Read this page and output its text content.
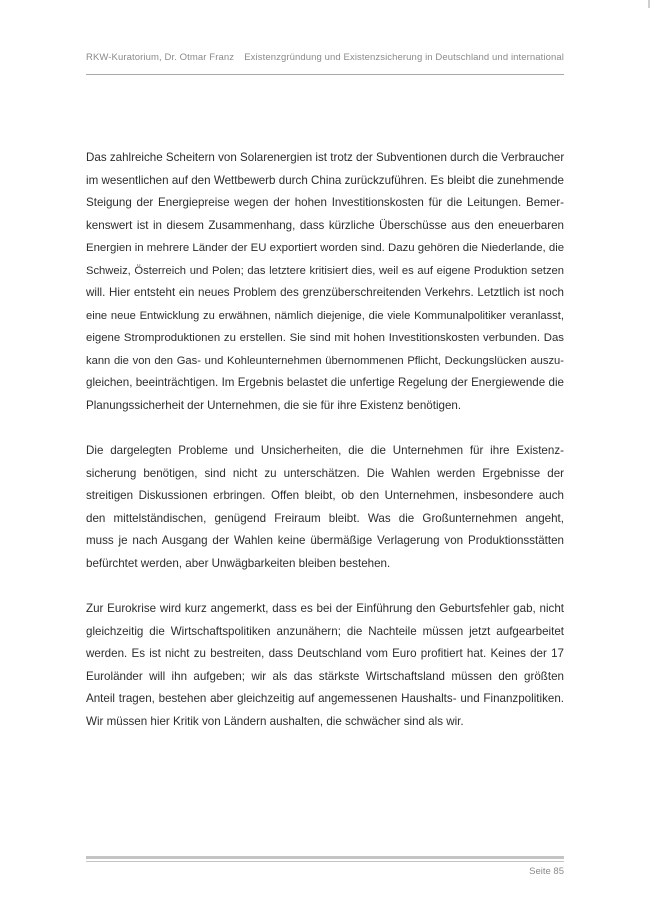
RKW-Kuratorium, Dr. Otmar Franz Existenzgründung und Existenzsicherung in Deutschland und international

Das zahlreiche Scheitern von Solarenergien ist trotz der Subventionen durch die Verbraucher
im wesentlichen auf den Wettbewerb durch China zurückzuführen. Es bleibt die zunehmende
Steigung der Energiepreise wegen der hohen Investitionskosten für die Leitungen. Bemer-
kenswert ist in diesem Zusammenhang, dass kürzliche Überschüsse aus den eneuerbaren
Energien in mehrere Länder der EU exportiert worden sind. Dazu gehören die Niederlande, die
Schweiz, Österreich und Polen; das letztere kritisiert dies, weil es auf eigene Produktion setzen
will. Hier entsteht ein neues Problem des grenzüberschreitenden Verkehrs. Letztlich ist noch
eine neue Entwicklung zu erwähnen, nämlich diejenige, die viele Kommunalpolitiker veranlasst,
eigene Stromproduktionen zu erstellen. Sie sind mit hohen Investitionskosten verbunden. Das
kann die von den Gas- und Kohleunternehmen übernommenen Pflicht, Deckungslücken auszu-
gleichen, beeinträchtigen. Im Ergebnis belastet die unfertige Regelung der Energiewende die
Planungssicherheit der Unternehmen, die sie für ihre Existenz benötigen.

Die dargelegten Probleme und Unsicherheiten, die die Unternehmen für ihre Existenz-
sicherung benötigen, sind nicht zu unterschätzen. Die Wahlen werden Ergebnisse der
streitigen Diskussionen erbringen. Offen bleibt, ob den Unternehmen, insbesondere auch
den mittelständischen, genügend Freiraum bleibt. Was die Großunternehmen angeht,
muss je nach Ausgang der Wahlen keine übermäßige Verlagerung von Produktionsstätten
befürchtet werden, aber Unwägbarkeiten bleiben bestehen.

Zur Eurokrise wird kurz angemerkt, dass es bei der Einführung den Geburtsfehler gab, nicht
gleichzeitig die Wirtschaftspolitiken anzunähern; die Nachteile müssen jetzt aufgearbeitet
werden. Es ist nicht zu bestreiten, dass Deutschland vom Euro profitiert hat. Keines der 17
Euroländer will ihn aufgeben; wir als das stärkste Wirtschaftsland müssen den größten
Anteil tragen, bestehen aber gleichzeitig auf angemessenen Haushalts- und Finanzpolitiken.
Wir müssen hier Kritik von Ländern aushalten, die schwächer sind als wir.

Seite 85
